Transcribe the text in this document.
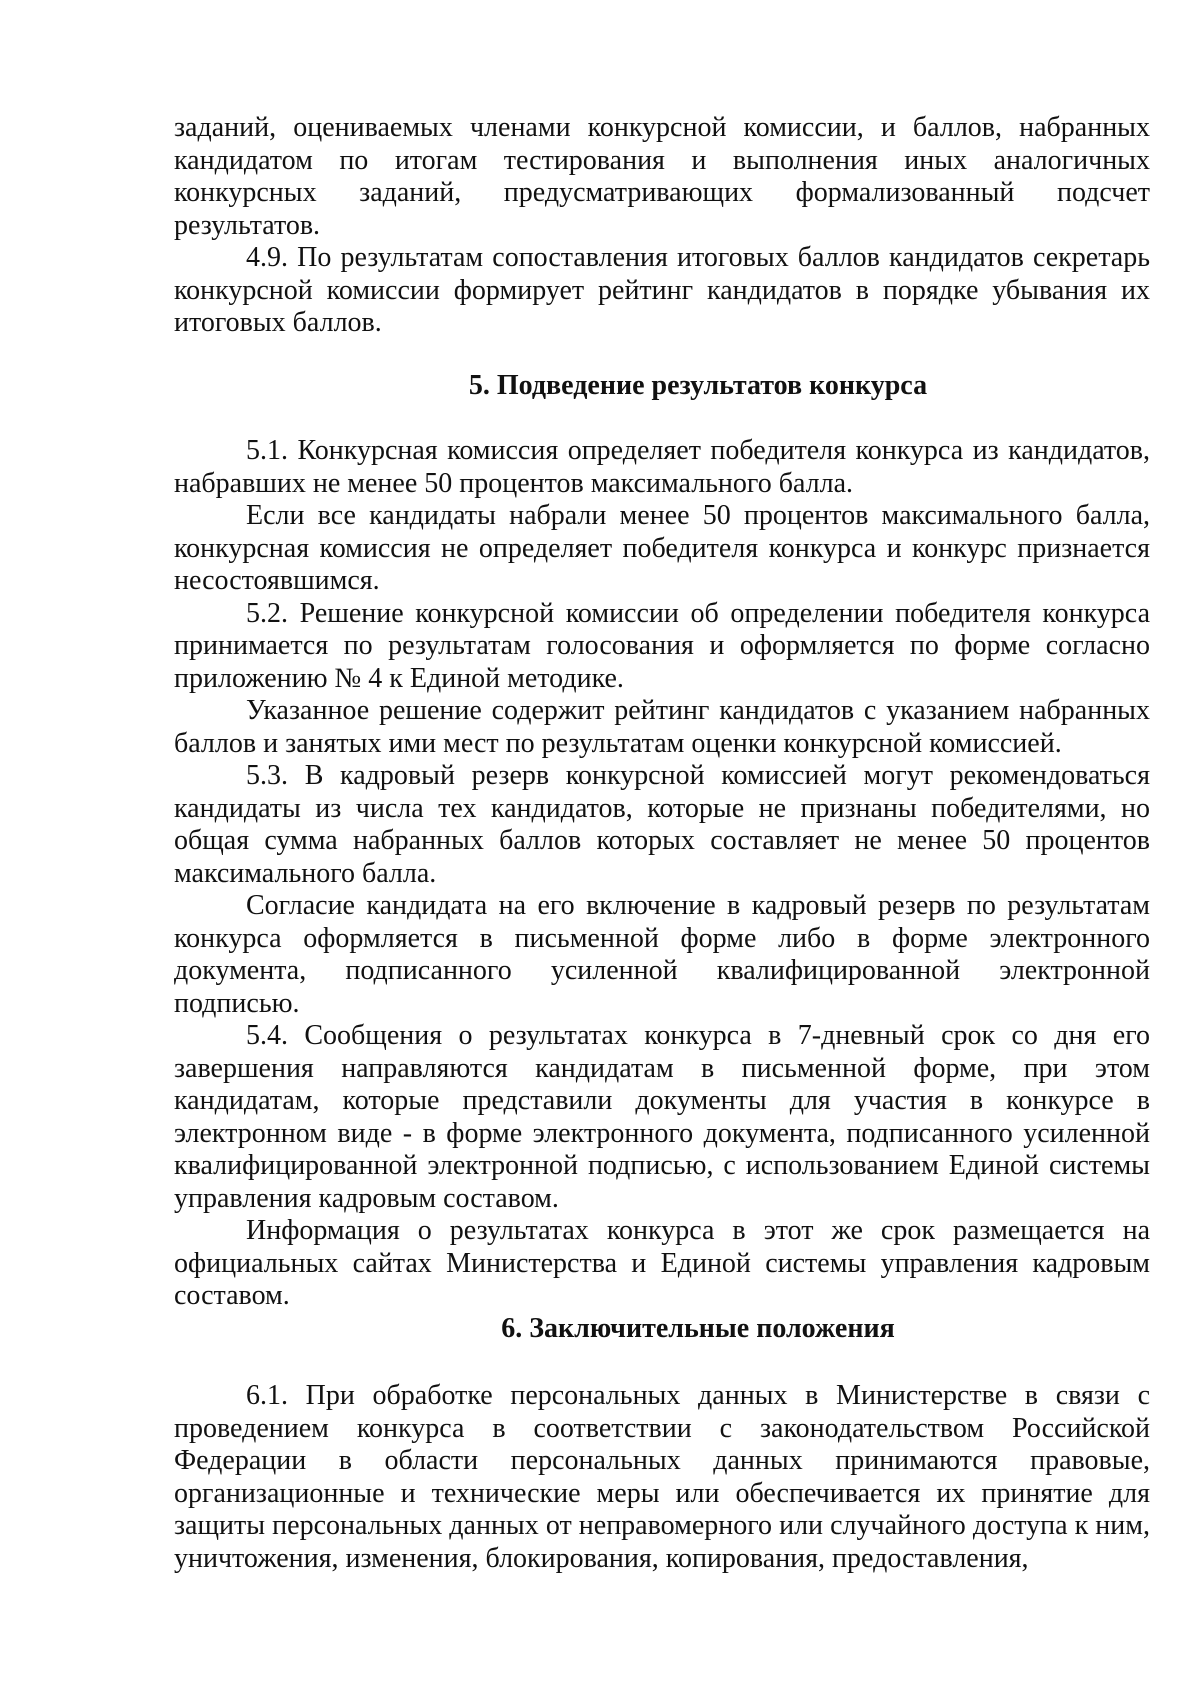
заданий, оцениваемых членами конкурсной комиссии, и баллов, набранных кандидатом по итогам тестирования и выполнения иных аналогичных конкурсных заданий, предусматривающих формализованный подсчет результатов.

4.9. По результатам сопоставления итоговых баллов кандидатов секретарь конкурсной комиссии формирует рейтинг кандидатов в порядке убывания их итоговых баллов.

5. Подведение результатов конкурса

5.1. Конкурсная комиссия определяет победителя конкурса из кандидатов, набравших не менее 50 процентов максимального балла.

Если все кандидаты набрали менее 50 процентов максимального балла, конкурсная комиссия не определяет победителя конкурса и конкурс признается несостоявшимся.

5.2. Решение конкурсной комиссии об определении победителя конкурса принимается по результатам голосования и оформляется по форме согласно приложению № 4 к Единой методике.

Указанное решение содержит рейтинг кандидатов с указанием набранных баллов и занятых ими мест по результатам оценки конкурсной комиссией.

5.3. В кадровый резерв конкурсной комиссией могут рекомендоваться кандидаты из числа тех кандидатов, которые не признаны победителями, но общая сумма набранных баллов которых составляет не менее 50 процентов максимального балла.

Согласие кандидата на его включение в кадровый резерв по результатам конкурса оформляется в письменной форме либо в форме электронного документа, подписанного усиленной квалифицированной электронной подписью.

5.4. Сообщения о результатах конкурса в 7-дневный срок со дня его завершения направляются кандидатам в письменной форме, при этом кандидатам, которые представили документы для участия в конкурсе в электронном виде - в форме электронного документа, подписанного усиленной квалифицированной электронной подписью, с использованием Единой системы управления кадровым составом.

Информация о результатах конкурса в этот же срок размещается на официальных сайтах Министерства и Единой системы управления кадровым составом.

6. Заключительные положения

6.1. При обработке персональных данных в Министерстве в связи с проведением конкурса в соответствии с законодательством Российской Федерации в области персональных данных принимаются правовые, организационные и технические меры или обеспечивается их принятие для защиты персональных данных от неправомерного или случайного доступа к ним, уничтожения, изменения, блокирования, копирования, предоставления,
